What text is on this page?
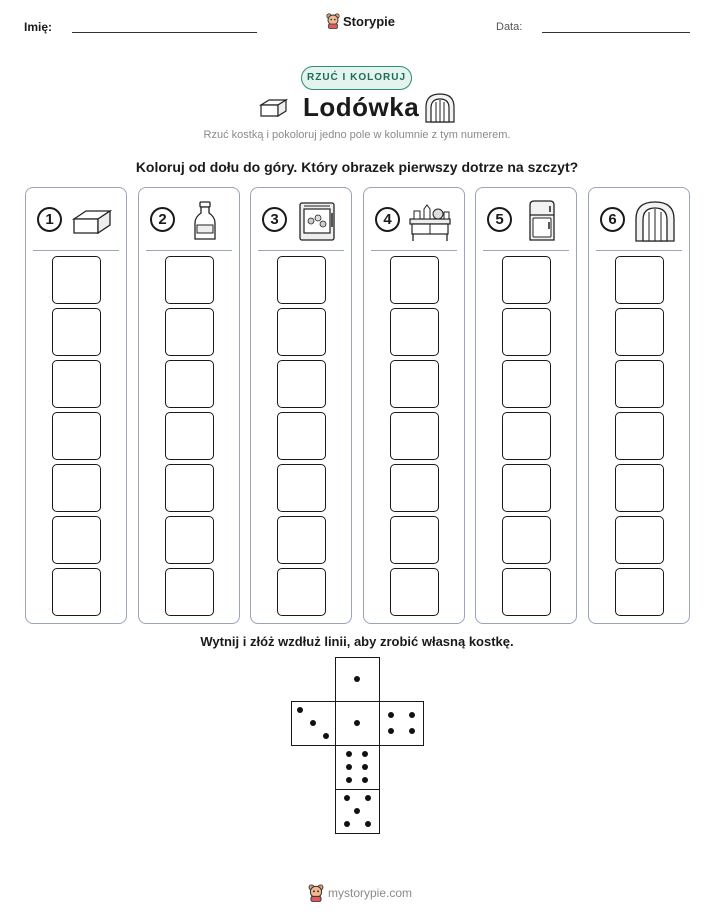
Imię:	Storypie	Data:
RZUĆ I KOLORUJ
Lodówka
Rzuć kostką i pokoloruj jedno pole w kolumnie z tym numerem.
Koloruj od dołu do góry. Który obrazek pierwszy dotrze na szczyt?
1	2	3	4	5	6
Wytnij i złóż wzdłuż linii, aby zrobić własną kostkę.
mystorypie.com
